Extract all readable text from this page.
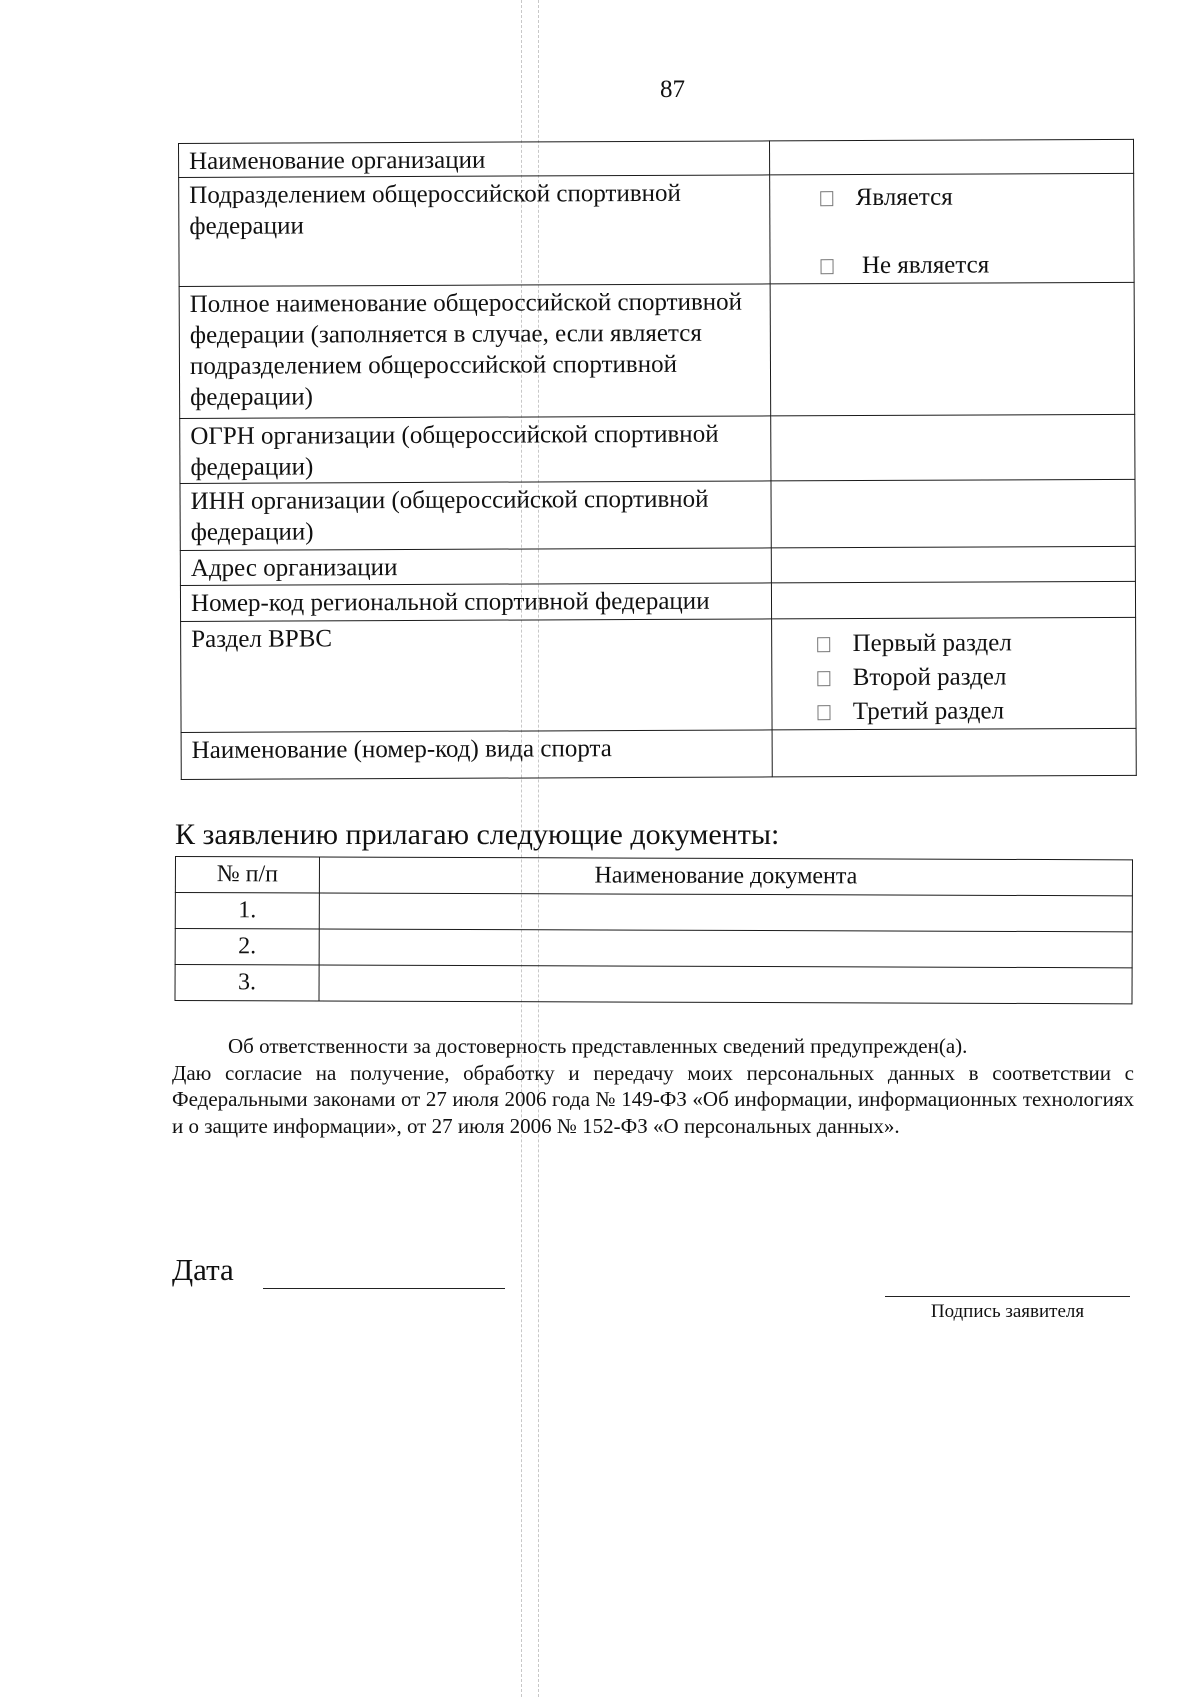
87
Наименование организации	
Подразделением общероссийской спортивной федерации	Является
Не является

Полное наименование общероссийской спортивной федерации (заполняется в случае, если является подразделением общероссийской спортивной федерации)	
ОГРН организации (общероссийской спортивной федерации)	
ИНН организации (общероссийской спортивной федерации)	
Адрес организации	
Номер-код региональной спортивной федерации	
Раздел ВРВС	Первый раздел
Второй раздел
Третий раздел

Наименование (номер-код) вида спорта	
К заявлению прилагаю следующие документы:
№ п/п	Наименование документа
1.	
2.	
3.	

Об ответственности за достоверность представленных сведений предупрежден(а).

Даю согласие на получение, обработку и передачу моих персональных данных в соответствии с Федеральными законами от 27 июля 2006 года № 149-ФЗ «Об информации, информационных технологиях и о защите информации», от 27 июля 2006 № 152-ФЗ «О персональных данных».

Дата
Подпись заявителя
